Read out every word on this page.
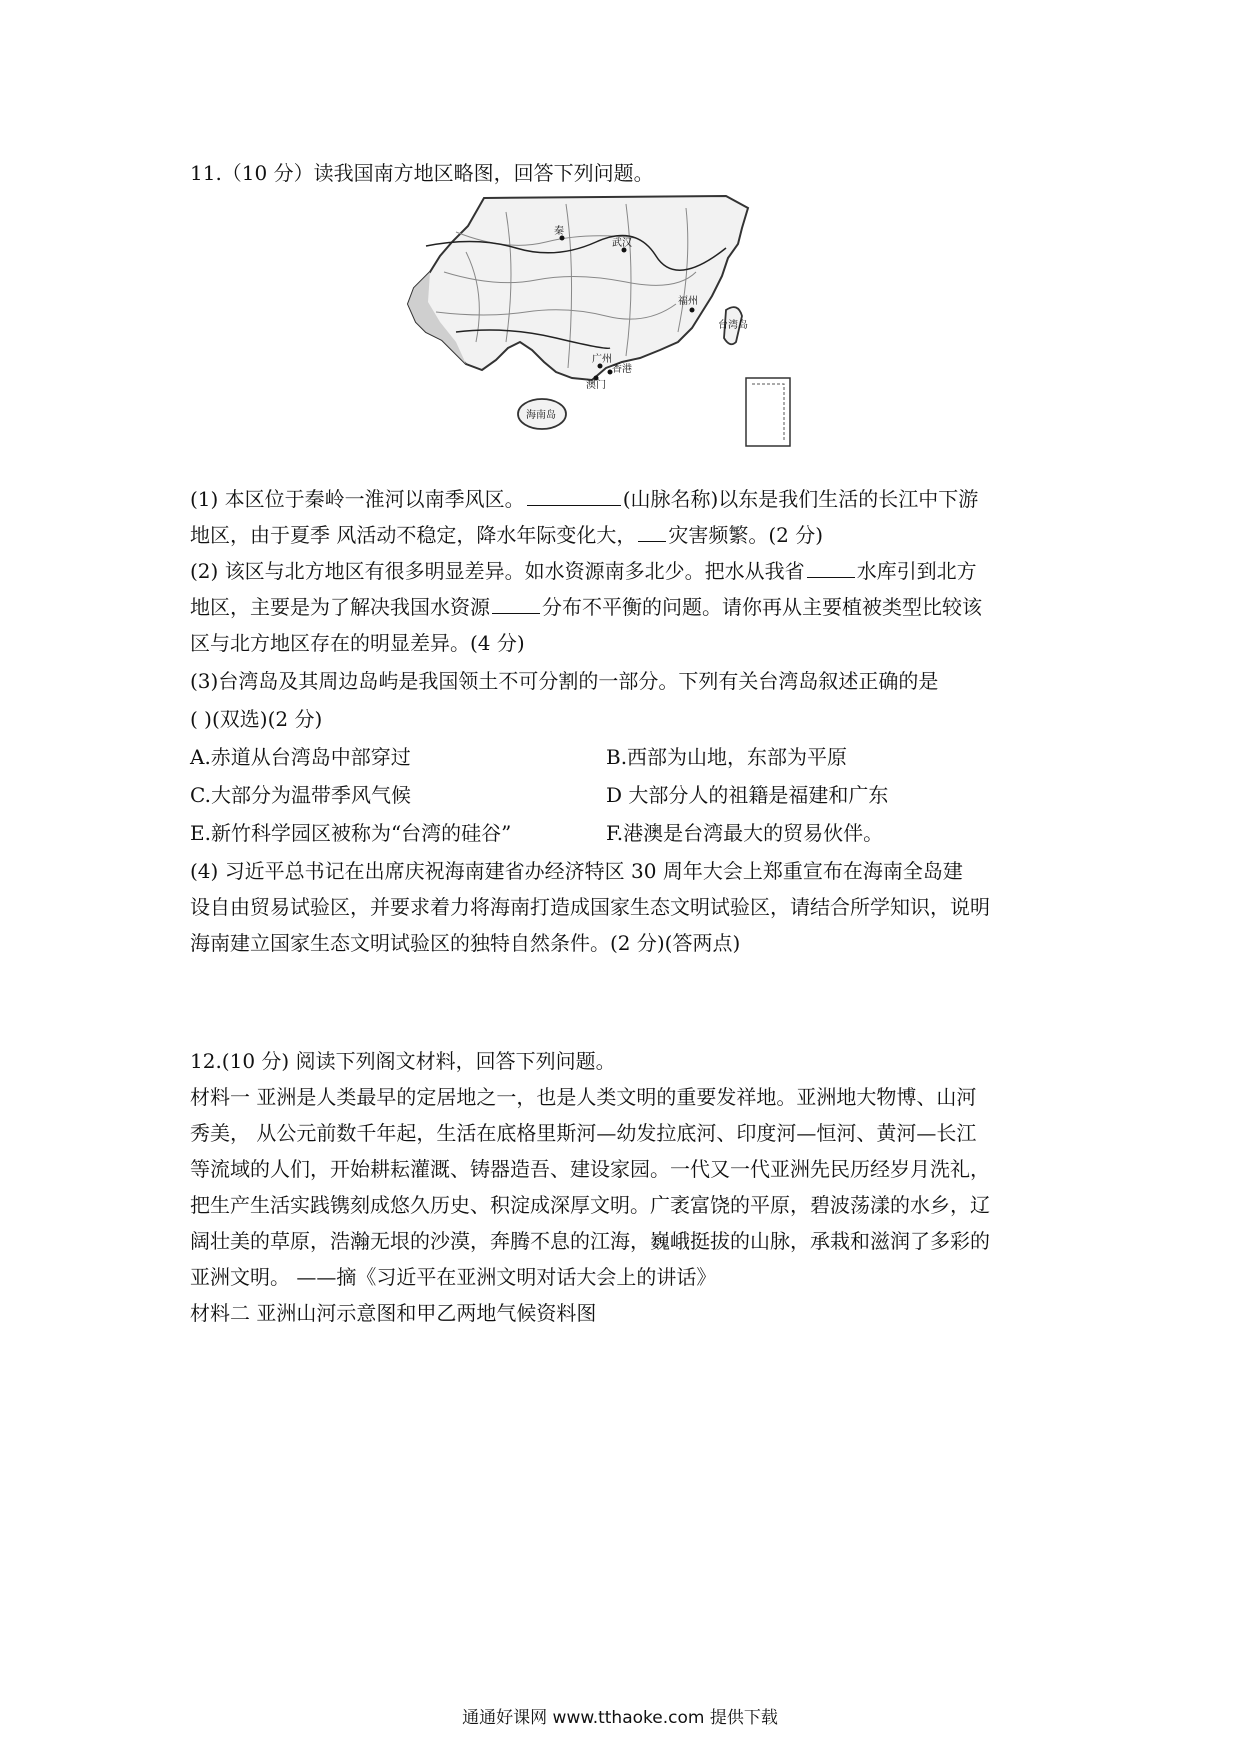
11.（10 分）读我国南方地区略图，回答下列问题。
秦
武汉
福州
台湾岛
广州
香港
澳门
海南岛
(1) 本区位于秦岭一淮河以南季风区。	(山脉名称)以东是我们生活的长江中下游
地区，由于夏季 风活动不稳定，降水年际变化大， 灾害频繁。(2 分)
(2) 该区与北方地区有很多明显差异。如水资源南多北少。把水从我省	水库引到北方
地区，主要是为了解决我国水资源	分布不平衡的问题。请你再从主要植被类型比较该
区与北方地区存在的明显差异。(4 分)
(3)台湾岛及其周边岛屿是我国领土不可分割的一部分。下列有关台湾岛叙述正确的是
( )(双选)(2 分)
A.赤道从台湾岛中部穿过	B.西部为山地，东部为平原
C.大部分为温带季风气候	D 大部分人的祖籍是福建和广东
E.新竹科学园区被称为“台湾的硅谷”	F.港澳是台湾最大的贸易伙伴。
(4) 习近平总书记在出席庆祝海南建省办经济特区 30 周年大会上郑重宣布在海南全岛建
设自由贸易试验区，并要求着力将海南打造成国家生态文明试验区，请结合所学知识，说明
海南建立国家生态文明试验区的独特自然条件。(2 分)(答两点)
12.(10 分) 阅读下列阁文材料，回答下列问题。
材料一 亚洲是人类最早的定居地之一，也是人类文明的重要发祥地。亚洲地大物博、山河
秀美， 从公元前数千年起，生活在底格里斯河—幼发拉底河、印度河—恒河、黄河—长江
等流域的人们，开始耕耘灌溉、铸器造吾、建设家园。一代又一代亚洲先民历经岁月洗礼，
把生产生活实践镌刻成悠久历史、积淀成深厚文明。广袤富饶的平原，碧波荡漾的水乡，辽
阔壮美的草原，浩瀚无垠的沙漠，奔腾不息的江海，巍峨挺拔的山脉，承栽和滋润了多彩的
亚洲文明。 ——摘《习近平在亚洲文明对话大会上的讲话》
材料二 亚洲山河示意图和甲乙两地气候资料图
通通好课网 www.tthaoke.com 提供下载
